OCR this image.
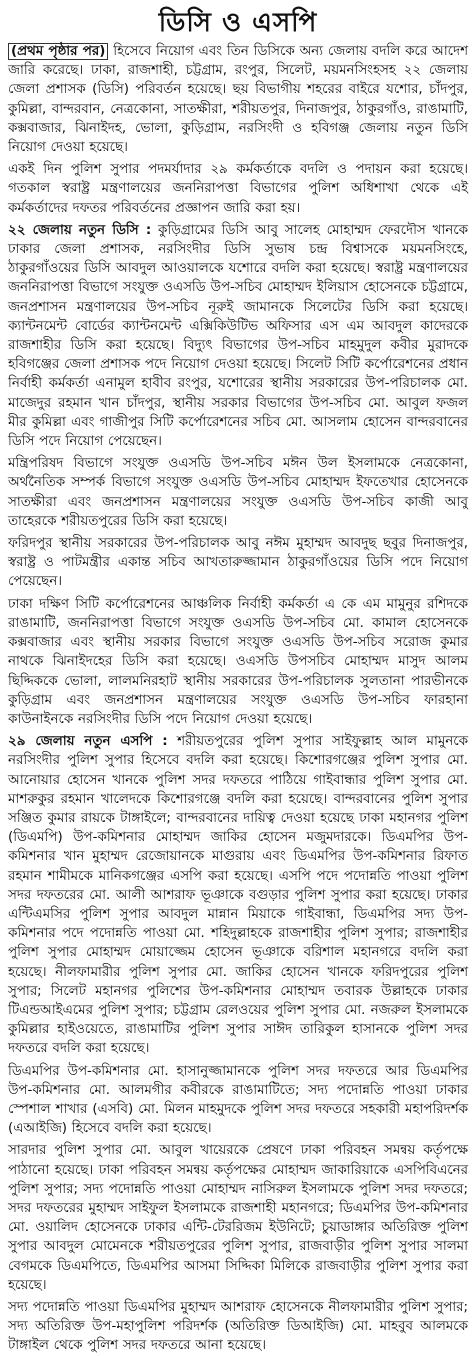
ডিসি ও এসপি

(প্রথম পৃষ্ঠার পর) হিসেবে নিয়োগ এবং তিন ডিসিকে অন্য জেলায় বদলি করে আদেশ জারি করেছে। ঢাকা, রাজশাহী, চট্টগ্রাম, রংপুর, সিলেট, ময়মনসিংহসহ ২২ জেলায় জেলা প্রশাসক (ডিসি) পরিবর্তন হয়েছে। ছয় বিভাগীয় শহরের বাইরে যশোর, চাঁদপুর, কুমিল্লা, বান্দরবান, নেত্রকোনা, সাতক্ষীরা, শরীয়তপুর, দিনাজপুর, ঠাকুরগাঁও, রাঙামাটি, কক্সবাজার, ঝিনাইদহ, ভোলা, কুড়িগ্রাম, নরসিংদী ও হবিগঞ্জ জেলায় নতুন ডিসি নিয়োগ দেওয়া হয়েছে।

একই দিন পুলিশ সুপার পদমর্যাদার ২৯ কর্মকর্তাকে বদলি ও পদায়ন করা হয়েছে। গতকাল স্বরাষ্ট্র মন্ত্রণালয়ের জননিরাপত্তা বিভাগের পুলিশ অধিশাখা থেকে এই কর্মকর্তাদের দফতর পরিবর্তনের প্রজ্ঞাপন জারি করা হয়।

২২ জেলায় নতুন ডিসি : কুড়িগ্রামের ডিসি আবু সালেহ মোহাম্মদ ফেরদৌস খানকে ঢাকার জেলা প্রশাসক, নরসিংদীর ডিসি সুভাষ চন্দ্র বিশ্বাসকে ময়মনসিংহে, ঠাকুরগাঁওয়ের ডিসি আবদুল আওয়ালকে যশোরে বদলি করা হয়েছে। স্বরাষ্ট্র মন্ত্রণালয়ের জননিরাপত্তা বিভাগে সংযুক্ত ওএসডি উপ-সচিব মোহাম্মদ ইলিয়াস হোসেনকে চট্টগ্রামে, জনপ্রশাসন মন্ত্রণালয়ের উপ-সচিব নূরুই জামানকে সিলেটের ডিসি করা হয়েছে। ক্যান্টনমেন্ট বোর্ডের ক্যান্টনমেন্ট এক্সিকিউটিভ অফিসার এস এম আবদুল কাদেরকে রাজশাহীর ডিসি করা হয়েছে। বিদ্যুৎ বিভাগের উপ-সচিব মাহমুদুল কবীর মুরাদকে হবিগঞ্জের জেলা প্রশাসক পদে নিয়োগ দেওয়া হয়েছে। সিলেট সিটি কর্পোরেশনের প্রধান নির্বাহী কর্মকর্তা এনামুল হাবীব রংপুর, যশোরের স্থানীয় সরকারের উপ-পরিচালক মো. মাজেদুর রহমান খান চাঁদপুর, স্থানীয় সরকার বিভাগের উপ-সচিব মো. আবুল ফজল মীর কুমিল্লা এবং গাজীপুর সিটি কর্পোরেশনের সচিব মো. আসলাম হোসেন বান্দরবানের ডিসি পদে নিয়োগ পেয়েছেন।

মন্ত্রিপরিষদ বিভাগে সংযুক্ত ওএসডি উপ-সচিব মঈন উল ইসলামকে নেত্রকোনা, অর্থনৈতিক সম্পর্ক বিভাগে সংযুক্ত ওএসডি উপ-সচিব মোহাম্মদ ইফতেখার হোসেনকে সাতক্ষীরা এবং জনপ্রশাসন মন্ত্রণালয়ের সংযুক্ত ওএসডি উপ-সচিব কাজী আবু তাহেরকে শরীয়তপুরের ডিসি করা হয়েছে।

ফরিদপুর স্থানীয় সরকারের উপ-পরিচালক আবু নঈম মুহাম্মদ আবদুছ ছবুর দিনাজপুর, স্বরাষ্ট্র ও পাটমন্ত্রীর একান্ত সচিব আখতারুজ্জামান ঠাকুরগাঁওয়ের ডিসি পদে নিয়োগ পেয়েছেন।

ঢাকা দক্ষিণ সিটি কর্পোরেশনের আঞ্চলিক নির্বাহী কর্মকর্তা এ কে এম মামুনুর রশিদকে রাঙামাটি, জননিরাপত্তা বিভাগে সংযুক্ত ওএসডি উপ-সচিব মো. কামাল হোসেনকে কক্সবাজার এবং স্থানীয় সরকার বিভাগে সংযুক্ত ওএসডি উপ-সচিব সরোজ কুমার নাথকে ঝিনাইদহের ডিসি করা হয়েছে। ওএসডি উপসচিব মোহাম্মদ মাসুদ আলম ছিদ্দিককে ভোলা, লালমনিরহাট স্থানীয় সরকারের উপ-পরিচালক সুলতানা পারভীনকে কুড়িগ্রাম এবং জনপ্রশাসন মন্ত্রণালয়ের সংযুক্ত ওএসডি উপ-সচিব ফারহানা কাউনাইনকে নরসিংদীর ডিসি পদে নিয়োগ দেওয়া হয়েছে।

২৯ জেলায় নতুন এসপি : শরীয়তপুরের পুলিশ সুপার সাইফুল্লাহ আল মামুনকে নরসিংদীর পুলিশ সুপার হিসেবে বদলি করা হয়েছে। কিশোরগঞ্জের পুলিশ সুপার মো. আনোয়ার হোসেন খানকে পুলিশ সদর দফতরে পাঠিয়ে গাইবান্ধার পুলিশ সুপার মো. মাশরুকুর রহমান খালেদকে কিশোরগঞ্জে বদলি করা হয়েছে। বান্দরবানের পুলিশ সুপার সঞ্জিত কুমার রায়কে টাঙ্গাইলে; বান্দরবানের দায়িত্ব দেওয়া হয়েছে ঢাকা মহানগর পুলিশ (ডিএমপি) উপ-কমিশনার মোহাম্মদ জাকির হোসেন মজুমদারকে। ডিএমপির উপ-কমিশনার খান মুহাম্মদ রেজোয়ানকে মাগুরায় এবং ডিএমপির উপ-কমিশনার রিফাত রহমান শামীমকে মানিকগঞ্জের এসপি করা হয়েছে। এসপি পদে পদোন্নতি পাওয়া পুলিশ সদর দফতরের মো. আলী আশরাফ ভূঞাকে বগুড়ার পুলিশ সুপার করা হয়েছে। ঢাকার এন্টিএমসির পুলিশ সুপার আবদুল মান্নান মিয়াকে গাইবান্ধা, ডিএমপির সদ্য উপ-কমিশনার পদে পদোন্নতি পাওয়া মো. শহিদুল্লাহকে রাজশাহীর পুলিশ সুপার; রাজশাহীর পুলিশ সুপার মোহাম্মদ মোয়াজ্জেম হোসেন ভূঞাকে বরিশাল মহানগরে বদলি করা হয়েছে। নীলফামারীর পুলিশ সুপার মো. জাকির হোসেন খানকে ফরিদপুরের পুলিশ সুপার; সিলেট মহানগর পুলিশের উপ-কমিশনার মোহাম্মদ তবারক উল্লাহকে ঢাকার টিএন্ডআইএমের পুলিশ সুপার; চট্টগ্রাম রেলওয়ের পুলিশ সুপার মো. নজরুল ইসলামকে কুমিল্লার হাইওয়েতে, রাঙামাটির পুলিশ সুপার সাঈদ তারিকুল হাসানকে পুলিশ সদর দফতরে বদলি করা হয়েছে।

ডিএমপির উপ-কমিশনার মো. হাসানুজ্জামানকে পুলিশ সদর দফতরে আর ডিএমপির উপ-কমিশনার মো. আলমগীর কবীরকে রাঙামাটিতে; সদ্য পদোন্নতি পাওয়া ঢাকার স্পেশাল শাখার (এসবি) মো. মিলন মাহমুদকে পুলিশ সদর দফতরে সহকারী মহাপরিদর্শক (এআইজি) হিসেবে বদলি করা হয়েছে।

সারদার পুলিশ সুপার মো. আবুল খায়েরকে প্রেষণে ঢাকা পরিবহন সমন্বয় কর্তৃপক্ষে পাঠানো হয়েছে। ঢাকা পরিবহন সমন্বয় কর্তৃপক্ষের মোহাম্মদ জাকারিয়াকে এসপিবিএনের পুলিশ সুপার; সদ্য পদোন্নতি পাওয়া মোহাম্মদ নাসিরুল ইসলামকে পুলিশ সদর দফতরে; সদর দফতরের মুহাম্মদ সাইফুল ইসলামকে রাজশাহী মহানগরে; ডিএমপির উপ-কমিশনার মো. ওয়ালিদ হোসেনকে ঢাকার এন্টি-টেররিজম ইউনিটে; চুয়াডাঙ্গার অতিরিক্ত পুলিশ সুপার আবদুল মোমেনকে শরীয়তপুরের পুলিশ সুপার, রাজবাড়ীর পুলিশ সুপার সালমা বেগমকে ডিএমপিতে, ডিএমপির আসমা সিদ্দিকা মিলিকে রাজবাড়ীর পুলিশ সুপার করা হয়েছে।

সদ্য পদোন্নতি পাওয়া ডিএমপির মুহাম্মদ আশরাফ হোসেনকে নীলফামারীর পুলিশ সুপার; সদ্য অতিরিক্ত উপ-মহাপুলিশ পরিদর্শক (অতিরিক্ত ডিআইজি) মো. মাহবুব আলমকে টাঙ্গাইল থেকে পুলিশ সদর দফতরে আনা হয়েছে।
